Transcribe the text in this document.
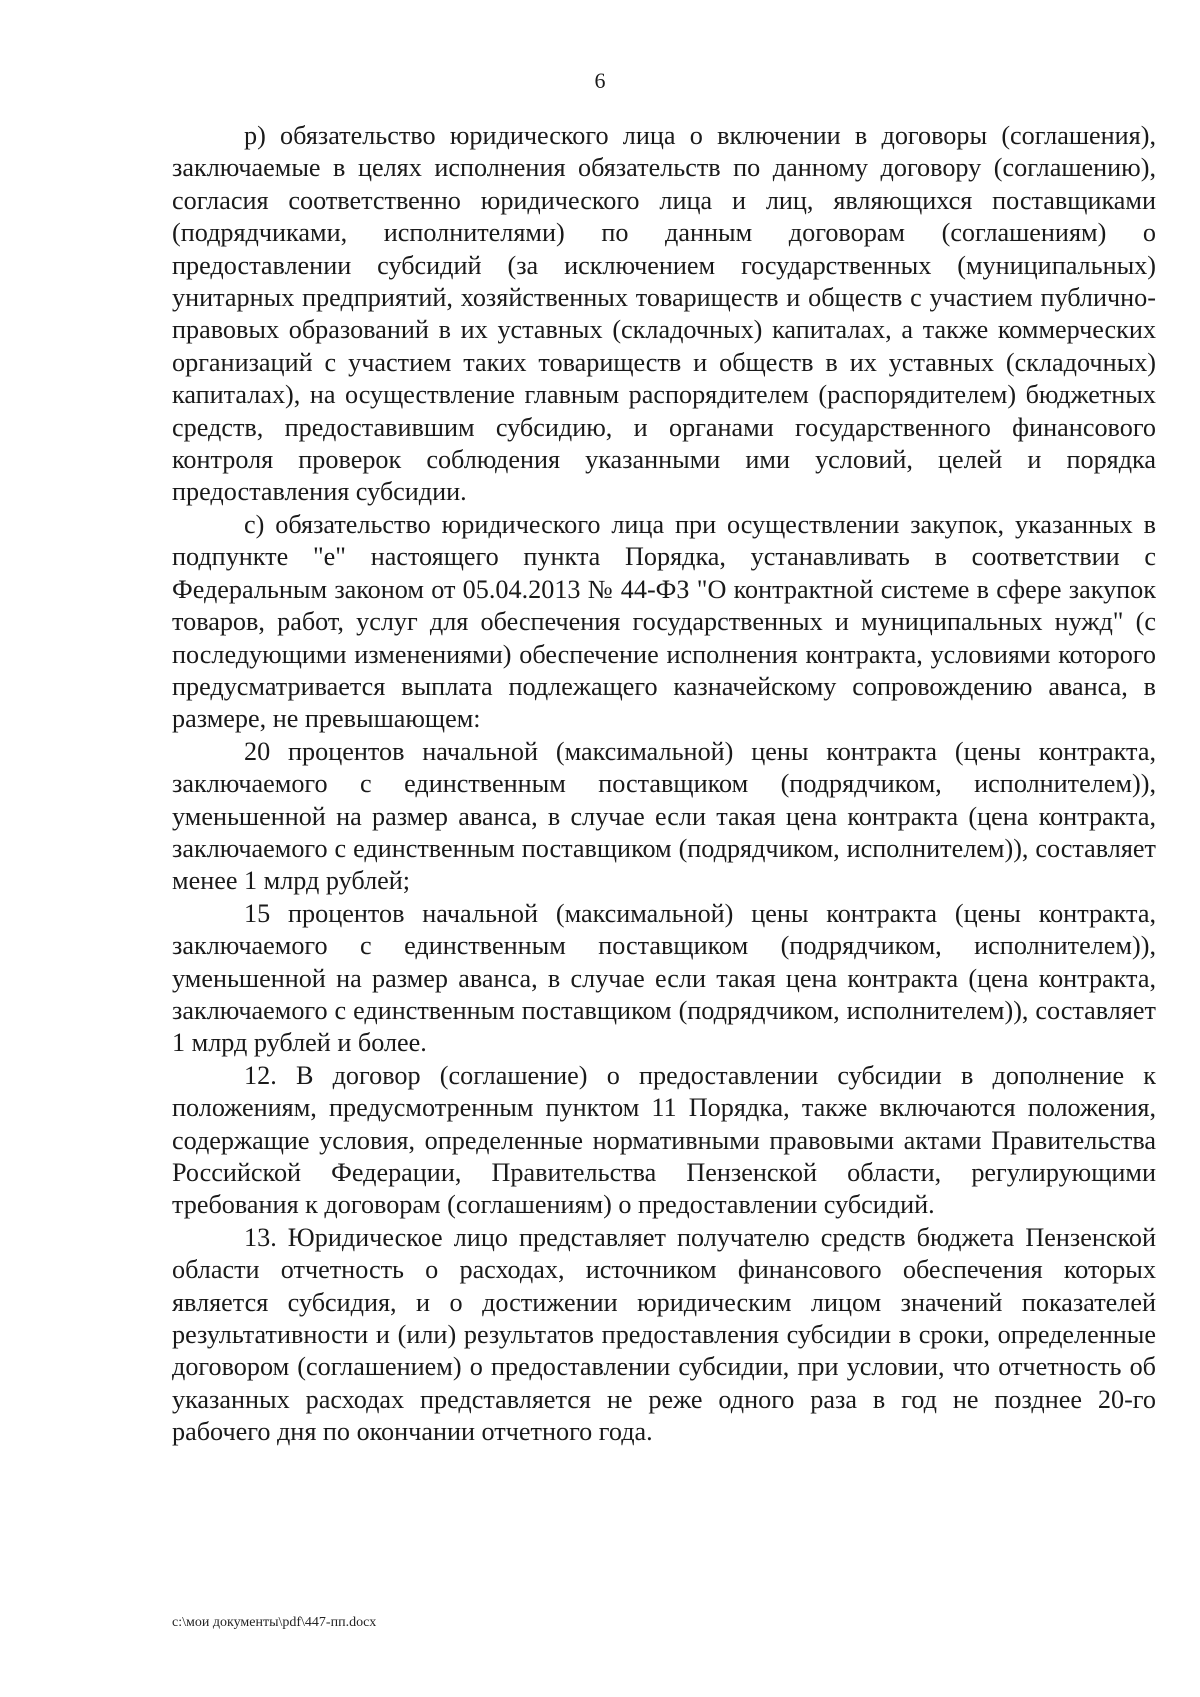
6

р) обязательство юридического лица о включении в договоры (соглашения), заключаемые в целях исполнения обязательств по данному договору (соглашению), согласия соответственно юридического лица и лиц, являющихся поставщиками (подрядчиками, исполнителями) по данным договорам (соглашениям) о предоставлении субсидий (за исключением государственных (муниципальных) унитарных предприятий, хозяйственных товариществ и обществ с участием публично-правовых образований в их уставных (складочных) капиталах, а также коммерческих организаций с участием таких товариществ и обществ в их уставных (складочных) капиталах), на осуществление главным распорядителем (распорядителем) бюджетных средств, предоставившим субсидию, и органами государственного финансового контроля проверок соблюдения указанными ими условий, целей и порядка предоставления субсидии.

с) обязательство юридического лица при осуществлении закупок, указанных в подпункте "е" настоящего пункта Порядка, устанавливать в соответствии с Федеральным законом от 05.04.2013 № 44-ФЗ "О контрактной системе в сфере закупок товаров, работ, услуг для обеспечения государственных и муниципальных нужд" (с последующими изменениями) обеспечение исполнения контракта, условиями которого предусматривается выплата подлежащего казначейскому сопровождению аванса, в размере, не превышающем:

20 процентов начальной (максимальной) цены контракта (цены контракта, заключаемого с единственным поставщиком (подрядчиком, исполнителем)), уменьшенной на размер аванса, в случае если такая цена контракта (цена контракта, заключаемого с единственным поставщиком (подрядчиком, исполнителем)), составляет менее 1 млрд рублей;

15 процентов начальной (максимальной) цены контракта (цены контракта, заключаемого с единственным поставщиком (подрядчиком, исполнителем)), уменьшенной на размер аванса, в случае если такая цена контракта (цена контракта, заключаемого с единственным поставщиком (подрядчиком, исполнителем)), составляет 1 млрд рублей и более.

12. В договор (соглашение) о предоставлении субсидии в дополнение к положениям, предусмотренным пунктом 11 Порядка, также включаются положения, содержащие условия, определенные нормативными правовыми актами Правительства Российской Федерации, Правительства Пензенской области, регулирующими требования к договорам (соглашениям) о предоставлении субсидий.

13. Юридическое лицо представляет получателю средств бюджета Пензенской области отчетность о расходах, источником финансового обеспечения которых является субсидия, и о достижении юридическим лицом значений показателей результативности и (или) результатов предоставления субсидии в сроки, определенные договором (соглашением) о предоставлении субсидии, при условии, что отчетность об указанных расходах представляется не реже одного раза в год не позднее 20-го рабочего дня по окончании отчетного года.

c:\мои документы\pdf\447-пп.docx
